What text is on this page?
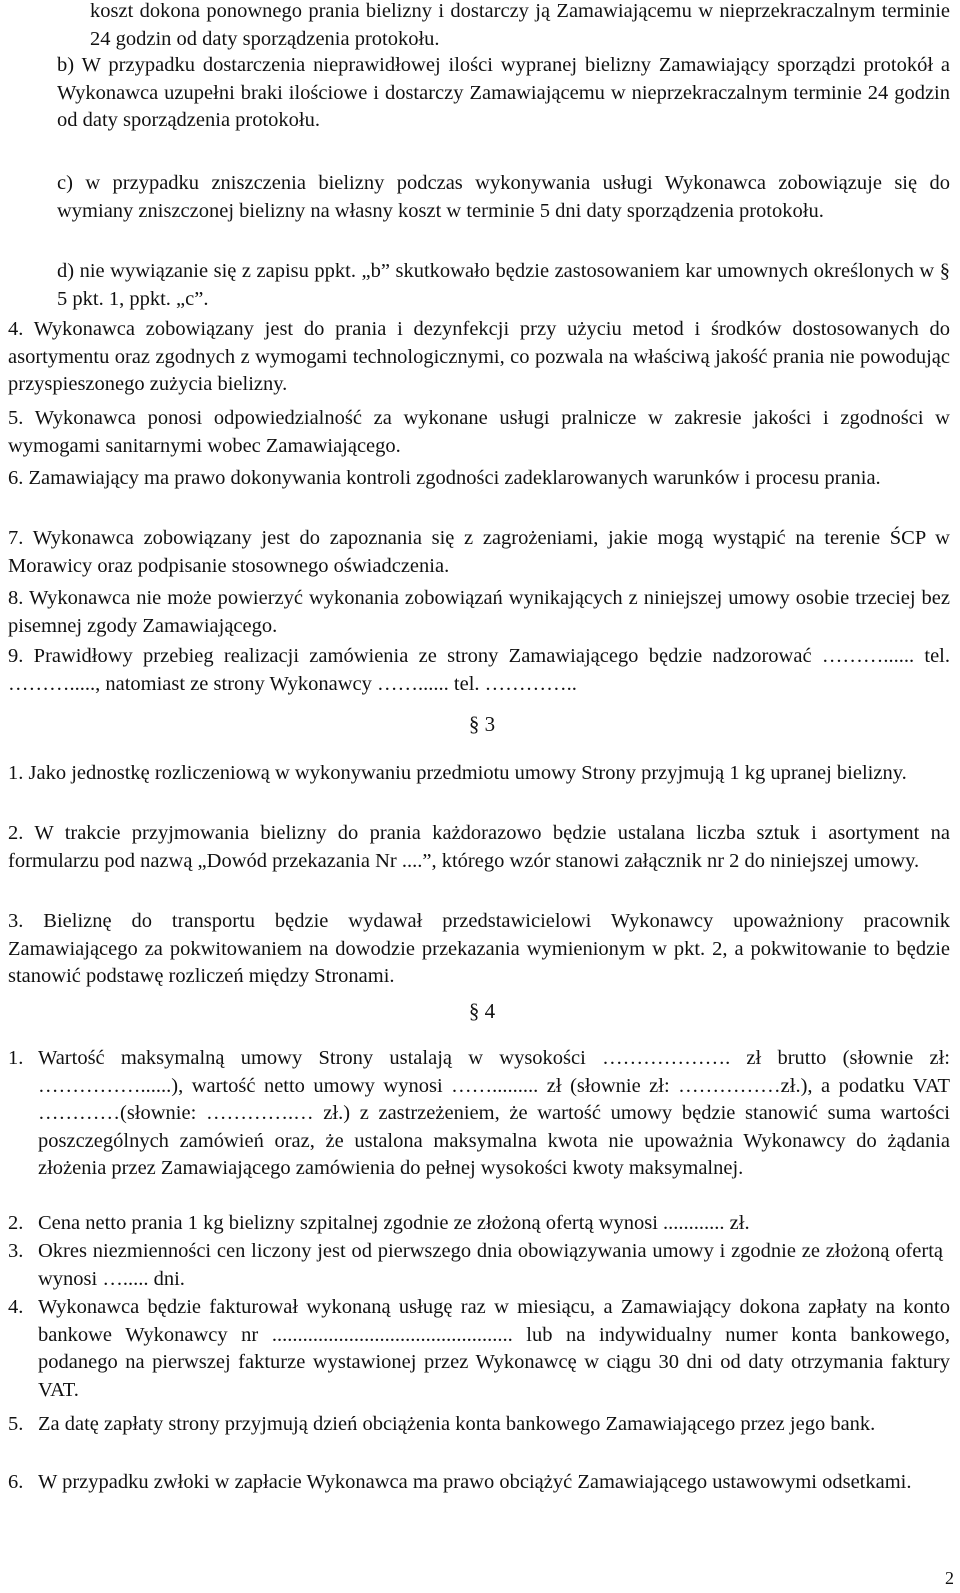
koszt dokona ponownego prania bielizny i dostarczy ją Zamawiającemu w nieprzekraczalnym terminie 24 godzin od daty sporządzenia protokołu.
b) W przypadku dostarczenia nieprawidłowej ilości wypranej bielizny Zamawiający sporządzi protokół a Wykonawca uzupełni braki ilościowe i dostarczy Zamawiającemu w nieprzekraczalnym terminie 24 godzin od daty sporządzenia protokołu.
c) w przypadku zniszczenia bielizny podczas wykonywania usługi Wykonawca zobowiązuje się do wymiany zniszczonej bielizny na własny koszt w terminie 5 dni daty sporządzenia protokołu.
d) nie wywiązanie się z zapisu ppkt. „b” skutkowało będzie zastosowaniem kar umownych określonych w § 5 pkt. 1, ppkt. „c”.
4. Wykonawca zobowiązany jest do prania i dezynfekcji przy użyciu metod i środków dostosowanych do asortymentu oraz zgodnych z wymogami technologicznymi, co pozwala na właściwą jakość prania nie powodując przyspieszonego zużycia bielizny.
5. Wykonawca ponosi odpowiedzialność za wykonane usługi pralnicze w zakresie jakości i zgodności w wymogami sanitarnymi wobec Zamawiającego.
6. Zamawiający ma prawo dokonywania kontroli zgodności zadeklarowanych warunków i procesu prania.
7. Wykonawca zobowiązany jest do zapoznania się z zagrożeniami, jakie mogą wystąpić na terenie ŚCP w Morawicy oraz podpisanie stosownego oświadczenia.
8. Wykonawca nie może powierzyć wykonania zobowiązań wynikających z niniejszej umowy osobie trzeciej bez pisemnej zgody Zamawiającego.
9. Prawidłowy przebieg realizacji zamówienia ze strony Zamawiającego będzie nadzorować ………...... tel. ………....., natomiast ze strony Wykonawcy ……...... tel. …………..
§ 3
1. Jako jednostkę rozliczeniową w wykonywaniu przedmiotu umowy Strony przyjmują 1 kg upranej bielizny.
2. W trakcie przyjmowania bielizny do prania każdorazowo będzie ustalana liczba sztuk i asortyment na formularzu pod nazwą „Dowód przekazania Nr ....”, którego wzór stanowi załącznik nr 2 do niniejszej umowy.
3. Bieliznę do transportu będzie wydawał przedstawicielowi Wykonawcy upoważniony pracownik Zamawiającego za pokwitowaniem na dowodzie przekazania wymienionym w pkt. 2, a pokwitowanie to będzie stanowić podstawę rozliczeń między Stronami.
§ 4
1. Wartość maksymalną umowy Strony ustalają w wysokości ………………. zł brutto (słownie zł: ……………......), wartość netto umowy wynosi ……......... zł (słownie zł: ……………zł.), a podatku VAT …………(słownie: ………….… zł.) z zastrzeżeniem, że wartość umowy będzie stanowić suma wartości poszczególnych zamówień oraz, że ustalona maksymalna kwota nie upoważnia Wykonawcy do żądania złożenia przez Zamawiającego zamówienia do pełnej wysokości kwoty maksymalnej.
2. Cena netto prania 1 kg bielizny szpitalnej zgodnie ze złożoną ofertą wynosi ............ zł.
3. Okres niezmienności cen liczony jest od pierwszego dnia obowiązywania umowy i zgodnie ze złożoną ofertą wynosi …..... dni.
4. Wykonawca będzie fakturował wykonaną usługę raz w miesiącu, a Zamawiający dokona zapłaty na konto bankowe Wykonawcy nr ............................................... lub na indywidualny numer konta bankowego, podanego na pierwszej fakturze wystawionej przez Wykonawcę w ciągu 30 dni od daty otrzymania faktury VAT.
5. Za datę zapłaty strony przyjmują dzień obciążenia konta bankowego Zamawiającego przez jego bank.
6. W przypadku zwłoki w zapłacie Wykonawca ma prawo obciążyć Zamawiającego ustawowymi odsetkami.
2
